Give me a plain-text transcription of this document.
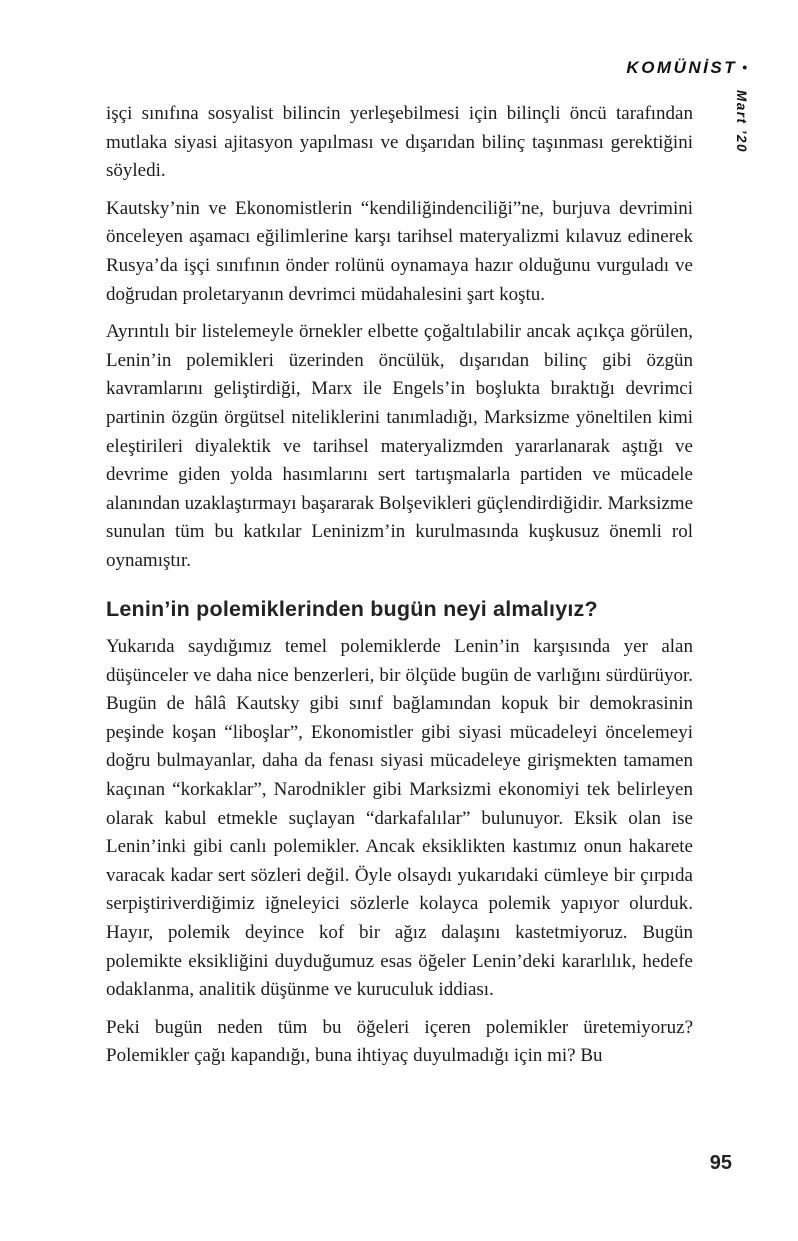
KOMÜNİST •
Mart ’20

işçi sınıfına sosyalist bilincin yerleşebilmesi için bilinçli öncü tarafından mutlaka siyasi ajitasyon yapılması ve dışarıdan bilinç taşınması gerektiğini söyledi.

Kautsky’nin ve Ekonomistlerin “kendiliğindenciliği”ne, burjuva devrimini önceleyen aşamacı eğilimlerine karşı tarihsel materyalizmi kılavuz edinerek Rusya’da işçi sınıfının önder rolünü oynamaya hazır olduğunu vurguladı ve doğrudan proletaryanın devrimci müdahalesini şart koştu.

Ayrıntılı bir listelemeyle örnekler elbette çoğaltılabilir ancak açıkça görülen, Lenin’in polemikleri üzerinden öncülük, dışarıdan bilinç gibi özgün kavramlarını geliştirdiği, Marx ile Engels’in boşlukta bıraktığı devrimci partinin özgün örgütsel niteliklerini tanımladığı, Marksizme yöneltilen kimi eleştirileri diyalektik ve tarihsel materyalizmden yararlanarak aştığı ve devrime giden yolda hasımlarını sert tartışmalarla partiden ve mücadele alanından uzaklaştırmayı başararak Bolşevikleri güçlendirdiğidir. Marksizme sunulan tüm bu katkılar Leninizm’in kurulmasında kuşkusuz önemli rol oynamıştır.

Lenin’in polemiklerinden bugün neyi almalıyız?

Yukarıda saydığımız temel polemiklerde Lenin’in karşısında yer alan düşünceler ve daha nice benzerleri, bir ölçüde bugün de varlığını sürdürüyor. Bugün de hâlâ Kautsky gibi sınıf bağlamından kopuk bir demokrasinin peşinde koşan “liboşlar”, Ekonomistler gibi siyasi mücadeleyi öncelemeyi doğru bulmayanlar, daha da fenası siyasi mücadeleye girişmekten tamamen kaçınan “korkaklar”, Narodnikler gibi Marksizmi ekonomiyi tek belirleyen olarak kabul etmekle suçlayan “darkafalılar” bulunuyor. Eksik olan ise Lenin’inki gibi canlı polemikler. Ancak eksiklikten kastımız onun hakarete varacak kadar sert sözleri değil. Öyle olsaydı yukarıdaki cümleye bir çırpıda serpiştiriverdiğimiz iğneleyici sözlerle kolayca polemik yapıyor olurduk. Hayır, polemik deyince kof bir ağız dalaşını kastetmiyoruz. Bugün polemikte eksikliğini duyduğumuz esas öğeler Lenin’deki kararlılık, hedefe odaklanma, analitik düşünme ve kuruculuk iddiası.

Peki bugün neden tüm bu öğeleri içeren polemikler üretemiyoruz? Polemikler çağı kapandığı, buna ihtiyaç duyulmadığı için mi? Bu

95
